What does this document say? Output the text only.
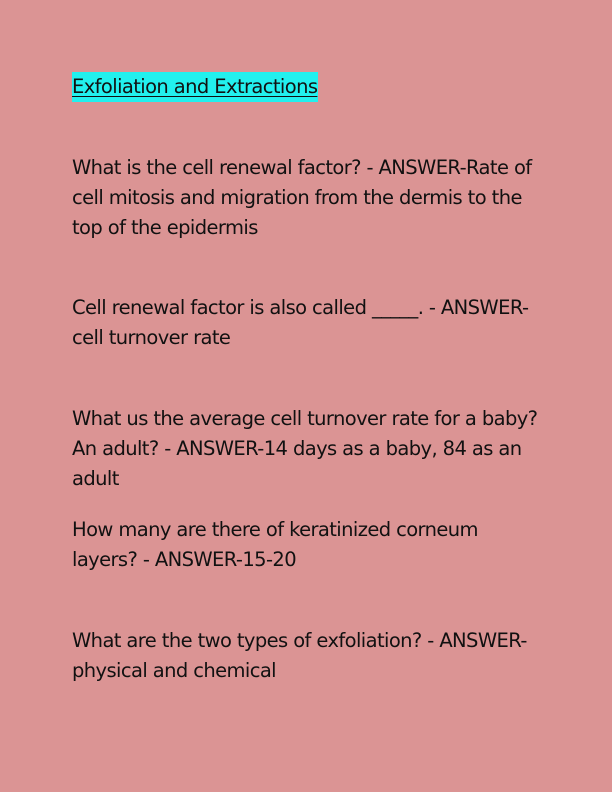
Exfoliation and Extractions

What is the cell renewal factor? - ANSWER-Rate of cell mitosis and migration from the dermis to the top of the epidermis

Cell renewal factor is also called _____. - ANSWER-cell turnover rate

What us the average cell turnover rate for a baby? An adult? - ANSWER-14 days as a baby, 84 as an adult

How many are there of keratinized corneum layers? - ANSWER-15-20

What are the two types of exfoliation? - ANSWER-physical and chemical
